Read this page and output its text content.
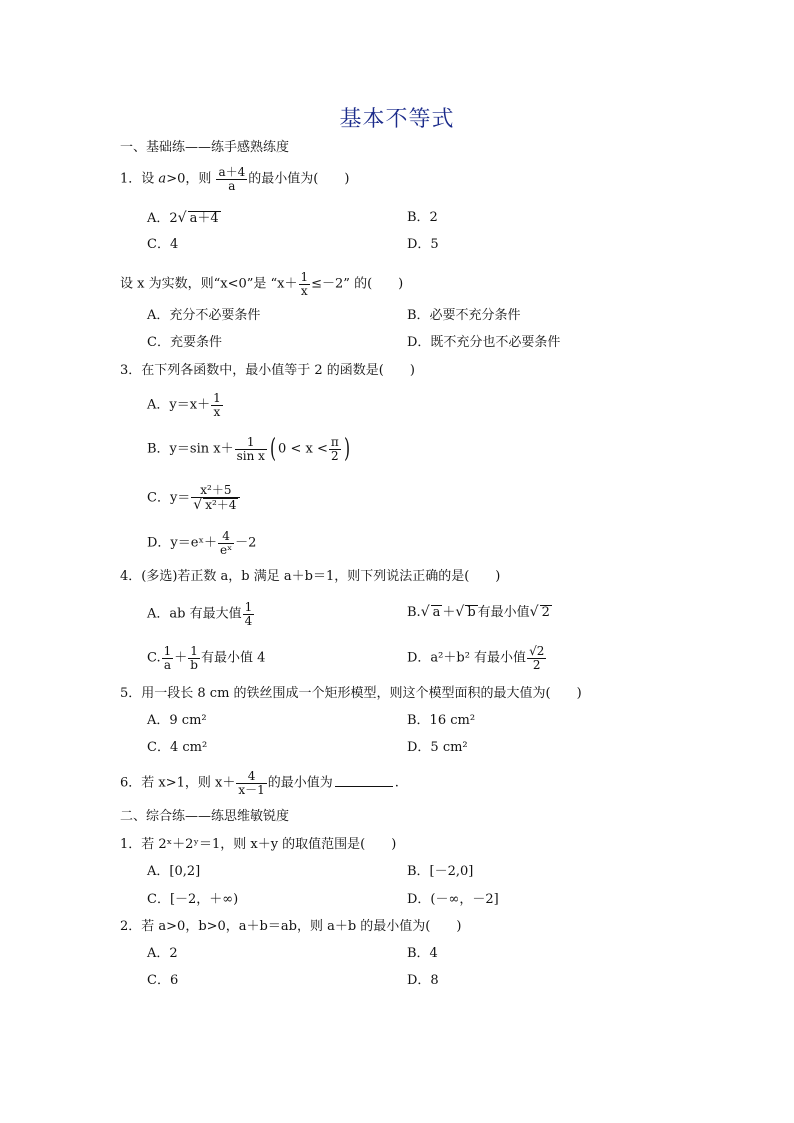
基本不等式
一、基础练——练手感熟练度
1．设 a>0，则 $\frac{a+4}{a}$ 的最小值为(　　)
A．2√ a＋4	B．2
C．4	D．5
设 x 为实数，则“x<0”是 “$x+ \frac{1}{x} \le-2$” 的(　　)
A．充分不必要条件	B．必要不充分条件
C．充要条件	D．既不充分也不必要条件
3．在下列各函数中，最小值等于 2 的函数是(　　)
A．$y=x+ \frac{1}{x}$
B．y＝sin $x+ \frac{1}{\text{sin x}}$ ( $0 < x < \frac{\pi}{2}$ )
C．$y= \frac{\text{x²＋5}}{\text{√ x²＋4}}$
D．y＝eˣ＋ $\frac{4}{\text{eˣ}} -2$
4．(多选)若正数 a，b 满足 a＋b＝1，则下列说法正确的是(　　)
A．ab 有最大值 $\frac{1}{4}$	B.√ a ＋√ b 有最小值√ 2
C. $\frac{1}{a} + \frac{1}{b}$ 有最小值 4	D．a²＋b² 有最小值 $\frac{√2}{2}$
5．用一段长 8 cm 的铁丝围成一个矩形模型，则这个模型面积的最大值为(　　)
A．9 cm²	B．16 cm²
C．4 cm²	D．5 cm²
6．若 x>1，则 $x+ \frac{4}{x-1}$ 的最小值为	.
二、综合练——练思维敏锐度
1．若 2ˣ＋2ʸ＝1，则 x＋y 的取值范围是(　　)
A．[0,2]	B．[－2,0]
C．[－2，＋∞)	D．(－∞，－2]
2．若 a>0，b>0，a＋b＝ab，则 a＋b 的最小值为(　　)
A．2	B．4
C．6	D．8
